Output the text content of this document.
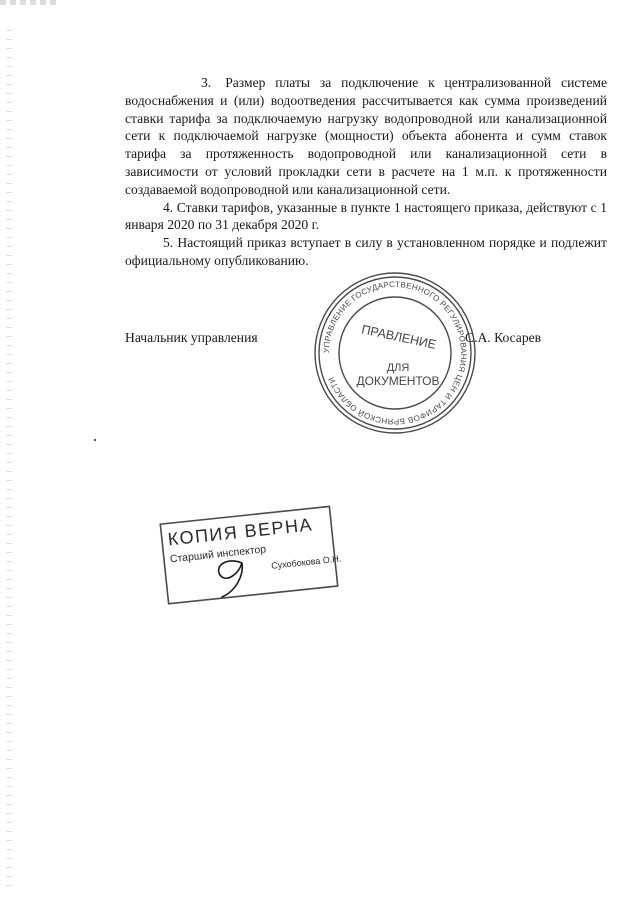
3. Размер платы за подключение к централизованной системе водоснабжения и (или) водоотведения рассчитывается как сумма произведений ставки тарифа за подключаемую нагрузку водопроводной или канализационной сети к подключаемой нагрузке (мощности) объекта абонента и сумм ставок тарифа за протяженность водопроводной или канализационной сети в зависимости от условий прокладки сети в расчете на 1 м.п. к протяженности создаваемой водопроводной или канализационной сети.

4. Ставки тарифов, указанные в пункте 1 настоящего приказа, действуют с 1 января 2020 по 31 декабря 2020 г.

5. Настоящий приказ вступает в силу в установленном порядке и подлежит официальному опубликованию.

Начальник управления	С.А. Косарев
УПРАВЛЕНИЕ ГОСУДАРСТВЕННОГО РЕГУЛИРОВАНИЯ ЦЕН И ТАРИФОВ БРЯНСКОЙ ОБЛАСТИ
ПРАВЛЕНИЕ
ДЛЯ
ДОКУМЕНТОВ
КОПИЯ ВЕРНА
Старший инспектор Сухобокова О.Н.
